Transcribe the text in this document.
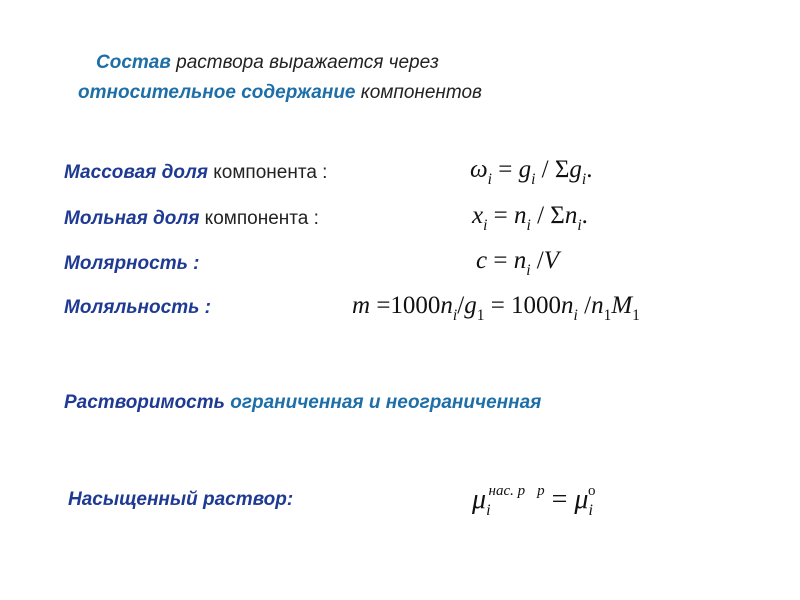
Состав раствора выражается через
относительное содержание компонентов
Массовая доля компонента :	$\omega_i = g_i / \Sigma g_i$.
Мольная доля компонента :	$x_i = n_i / \Sigma n_i$.
Молярность :	$c = n_i$ /V
Моляльность :	$m =1000n_i/g_1 = 1000n_i$ $/n_1M_1$
Растворимость ограниченная и неограниченная
Насыщенный раствор:	$\mu_i^{нас. р}$ $^р = \mu_i^о$
